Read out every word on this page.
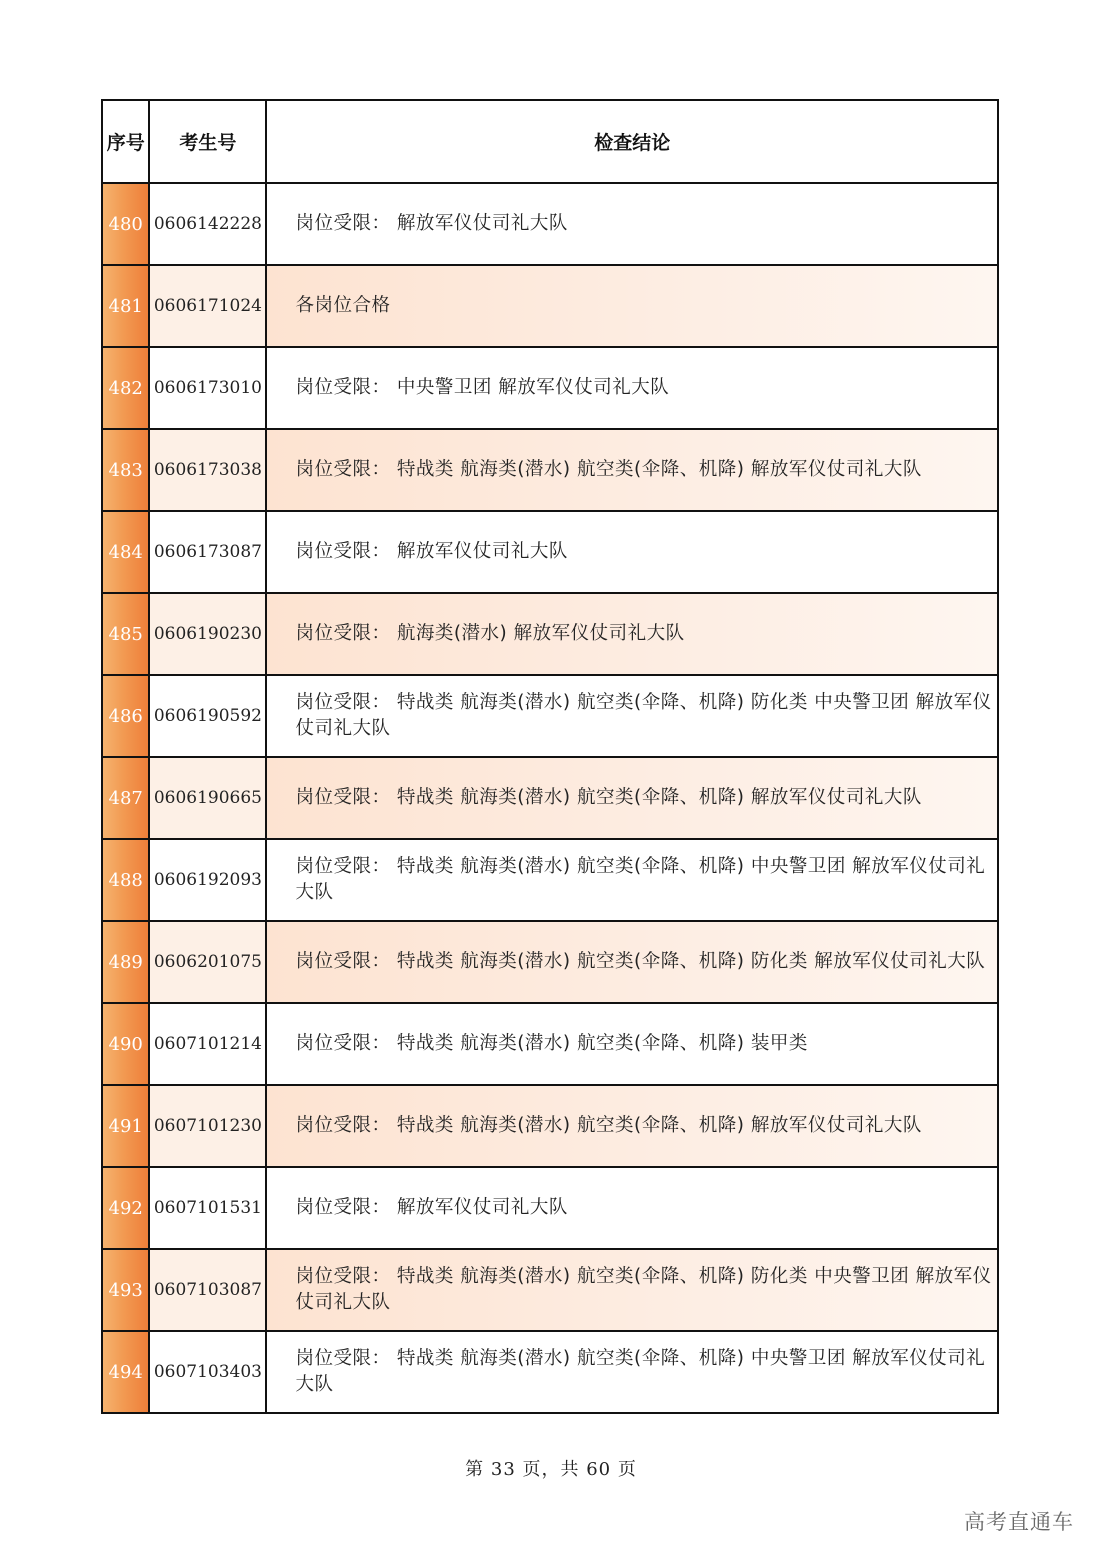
序号	考生号	检查结论
480	0606142228	岗位受限： 解放军仪仗司礼大队
481	0606171024	各岗位合格
482	0606173010	岗位受限： 中央警卫团 解放军仪仗司礼大队
483	0606173038	岗位受限： 特战类 航海类(潜水) 航空类(伞降、机降) 解放军仪仗司礼大队
484	0606173087	岗位受限： 解放军仪仗司礼大队
485	0606190230	岗位受限： 航海类(潜水) 解放军仪仗司礼大队
486	0606190592	岗位受限： 特战类 航海类(潜水) 航空类(伞降、机降) 防化类 中央警卫团 解放军仪仗司礼大队
487	0606190665	岗位受限： 特战类 航海类(潜水) 航空类(伞降、机降) 解放军仪仗司礼大队
488	0606192093	岗位受限： 特战类 航海类(潜水) 航空类(伞降、机降) 中央警卫团 解放军仪仗司礼大队
489	0606201075	岗位受限： 特战类 航海类(潜水) 航空类(伞降、机降) 防化类 解放军仪仗司礼大队
490	0607101214	岗位受限： 特战类 航海类(潜水) 航空类(伞降、机降) 装甲类
491	0607101230	岗位受限： 特战类 航海类(潜水) 航空类(伞降、机降) 解放军仪仗司礼大队
492	0607101531	岗位受限： 解放军仪仗司礼大队
493	0607103087	岗位受限： 特战类 航海类(潜水) 航空类(伞降、机降) 防化类 中央警卫团 解放军仪仗司礼大队
494	0607103403	岗位受限： 特战类 航海类(潜水) 航空类(伞降、机降) 中央警卫团 解放军仪仗司礼大队
第 33 页，共 60 页
高考直通车
